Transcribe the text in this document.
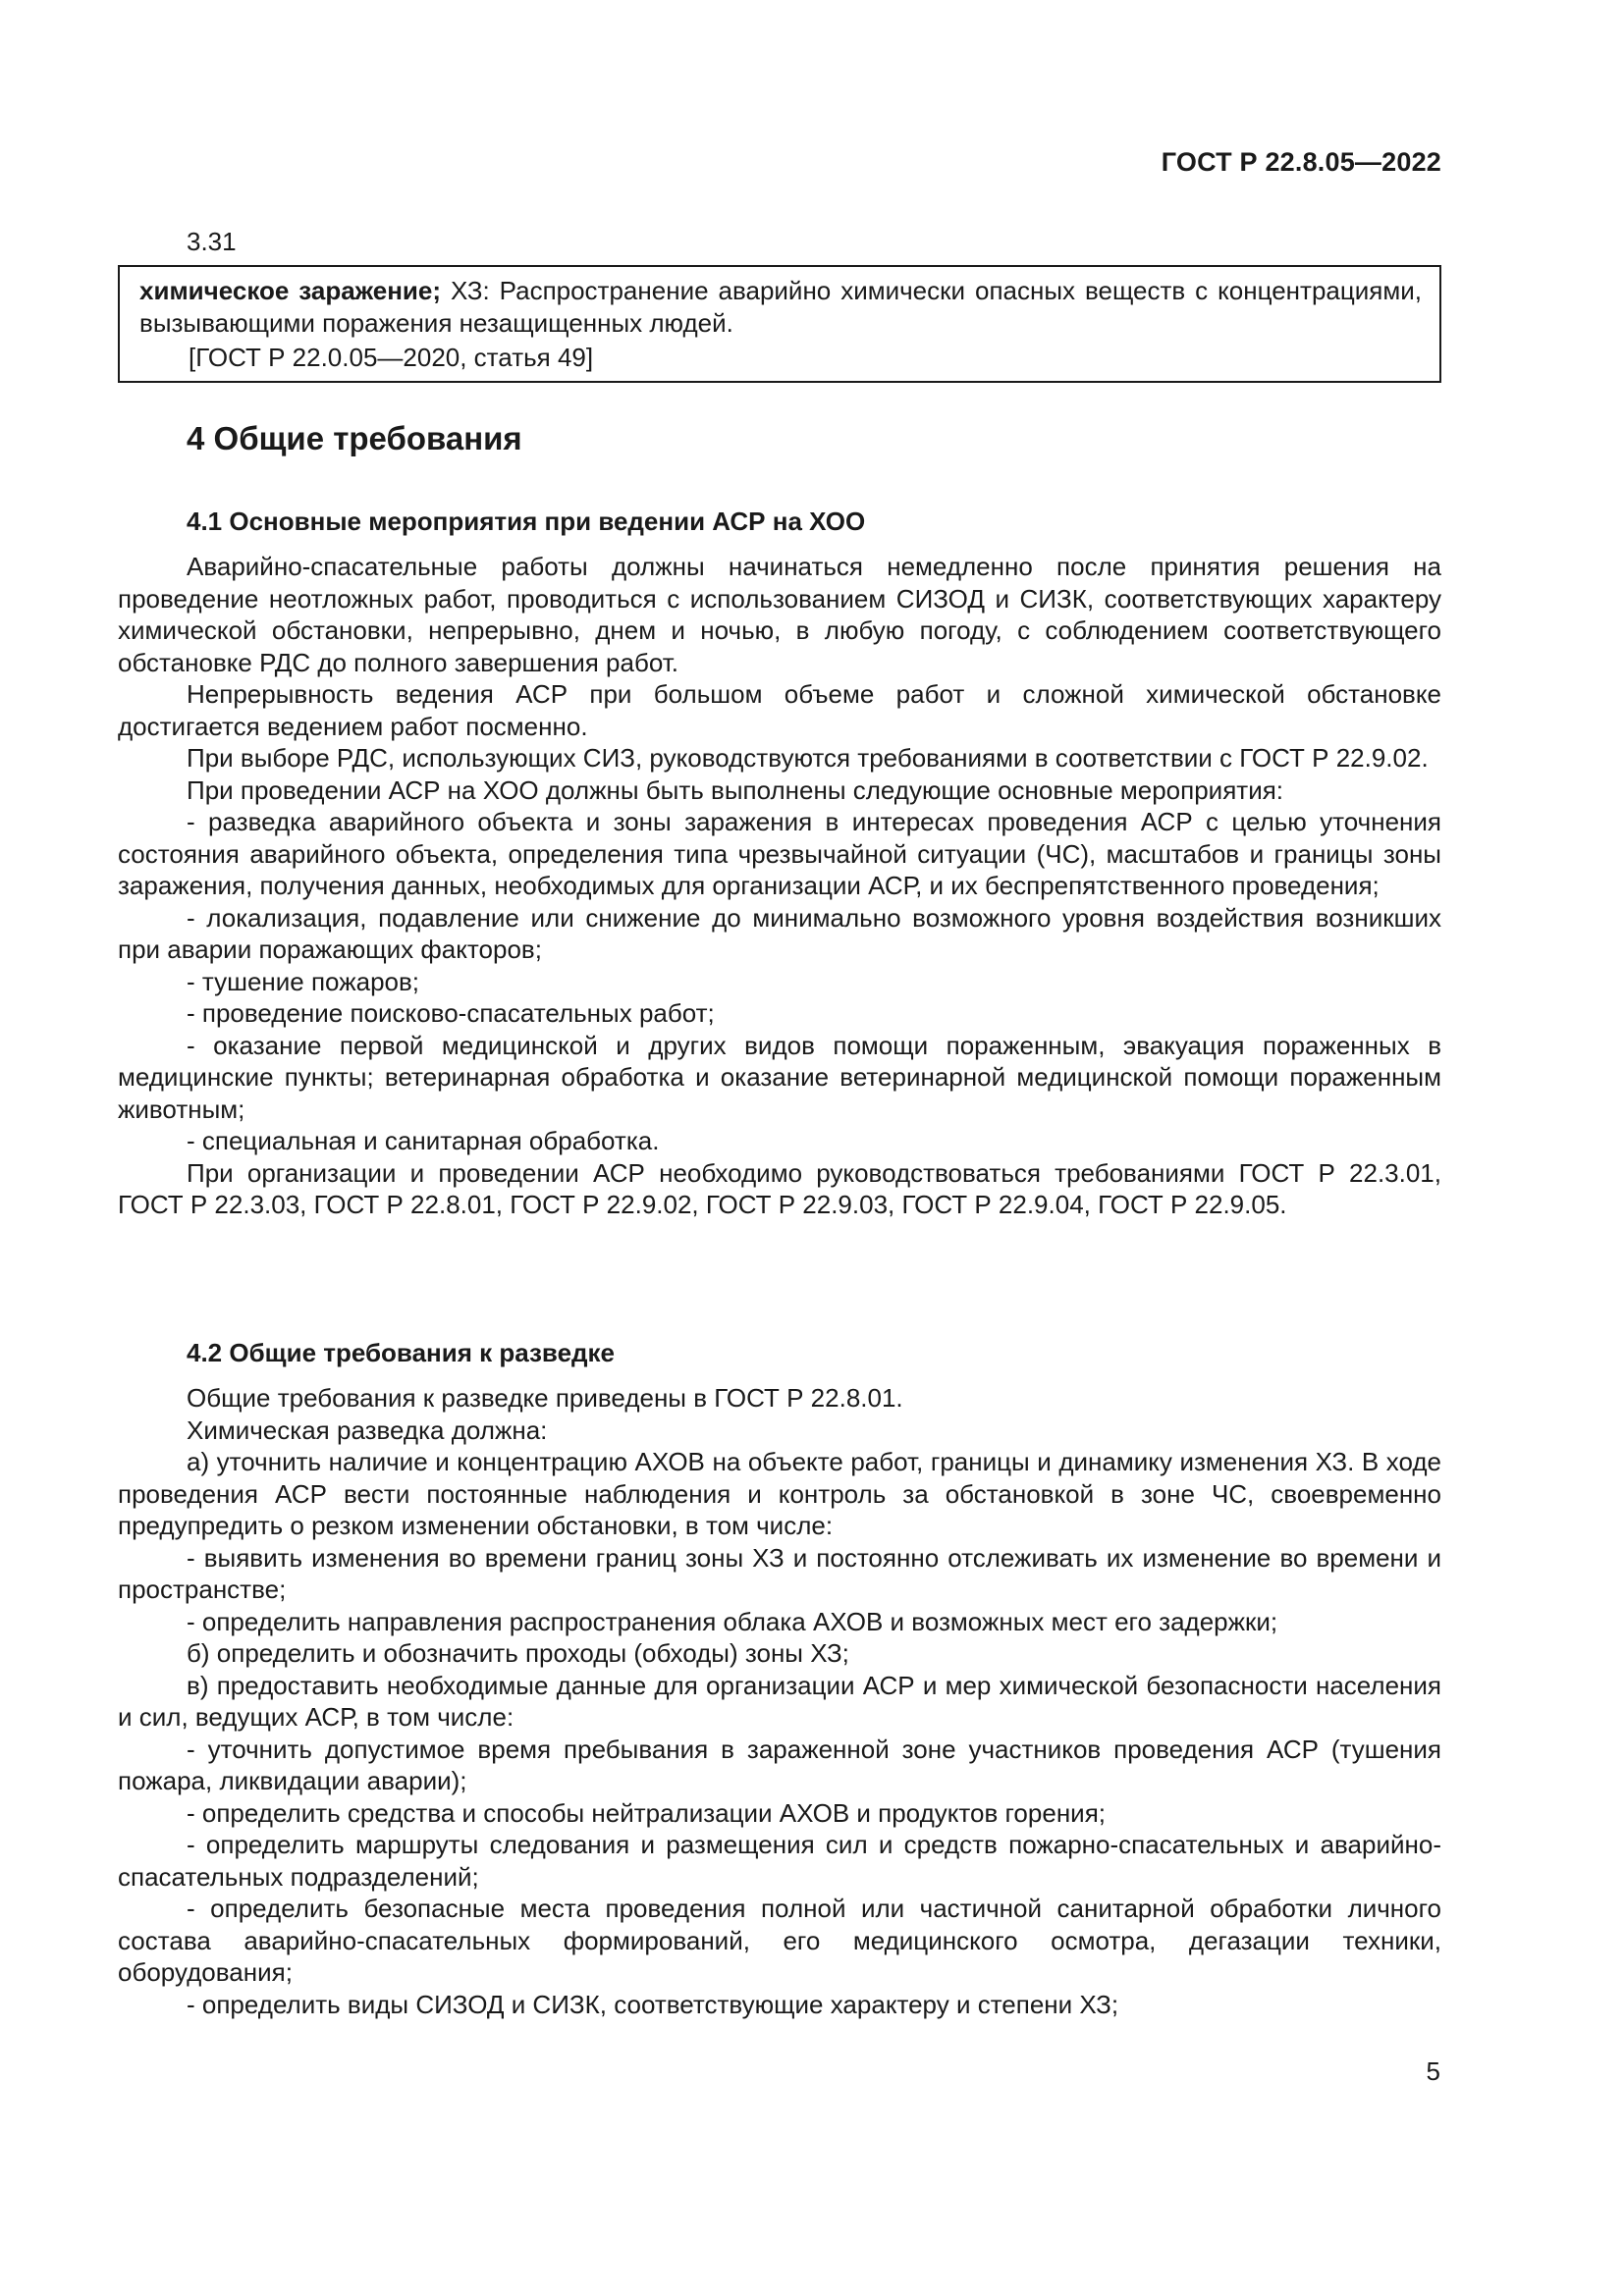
ГОСТ Р 22.8.05—2022
3.31
химическое заражение; ХЗ: Распространение аварийно химически опасных веществ с концентрациями, вызывающими поражения незащищенных людей.
[ГОСТ Р 22.0.05—2020, статья 49]
4 Общие требования
4.1 Основные мероприятия при ведении АСР на ХОО

Аварийно-спасательные работы должны начинаться немедленно после принятия решения на проведение неотложных работ, проводиться с использованием СИЗОД и СИЗК, соответствующих характеру химической обстановки, непрерывно, днем и ночью, в любую погоду, с соблюдением соответствующего обстановке РДС до полного завершения работ.

Непрерывность ведения АСР при большом объеме работ и сложной химической обстановке достигается ведением работ посменно.

При выборе РДС, использующих СИЗ, руководствуются требованиями в соответствии с ГОСТ Р 22.9.02.

При проведении АСР на ХОО должны быть выполнены следующие основные мероприятия:

- разведка аварийного объекта и зоны заражения в интересах проведения АСР с целью уточнения состояния аварийного объекта, определения типа чрезвычайной ситуации (ЧС), масштабов и границы зоны заражения, получения данных, необходимых для организации АСР, и их беспрепятственного проведения;

- локализация, подавление или снижение до минимально возможного уровня воздействия возникших при аварии поражающих факторов;

- тушение пожаров;

- проведение поисково-спасательных работ;

- оказание первой медицинской и других видов помощи пораженным, эвакуация пораженных в медицинские пункты; ветеринарная обработка и оказание ветеринарной медицинской помощи пораженным животным;

- специальная и санитарная обработка.

При организации и проведении АСР необходимо руководствоваться требованиями ГОСТ Р 22.3.01, ГОСТ Р 22.3.03, ГОСТ Р 22.8.01, ГОСТ Р 22.9.02, ГОСТ Р 22.9.03, ГОСТ Р 22.9.04, ГОСТ Р 22.9.05.

4.2 Общие требования к разведке

Общие требования к разведке приведены в ГОСТ Р 22.8.01.

Химическая разведка должна:

а) уточнить наличие и концентрацию АХОВ на объекте работ, границы и динамику изменения ХЗ. В ходе проведения АСР вести постоянные наблюдения и контроль за обстановкой в зоне ЧС, своевременно предупредить о резком изменении обстановки, в том числе:

- выявить изменения во времени границ зоны ХЗ и постоянно отслеживать их изменение во времени и пространстве;

- определить направления распространения облака АХОВ и возможных мест его задержки;

б) определить и обозначить проходы (обходы) зоны ХЗ;

в) предоставить необходимые данные для организации АСР и мер химической безопасности населения и сил, ведущих АСР, в том числе:

- уточнить допустимое время пребывания в зараженной зоне участников проведения АСР (тушения пожара, ликвидации аварии);

- определить средства и способы нейтрализации АХОВ и продуктов горения;

- определить маршруты следования и размещения сил и средств пожарно-спасательных и аварийно-спасательных подразделений;

- определить безопасные места проведения полной или частичной санитарной обработки личного состава аварийно-спасательных формирований, его медицинского осмотра, дегазации техники, оборудования;

- определить виды СИЗОД и СИЗК, соответствующие характеру и степени ХЗ;

5
